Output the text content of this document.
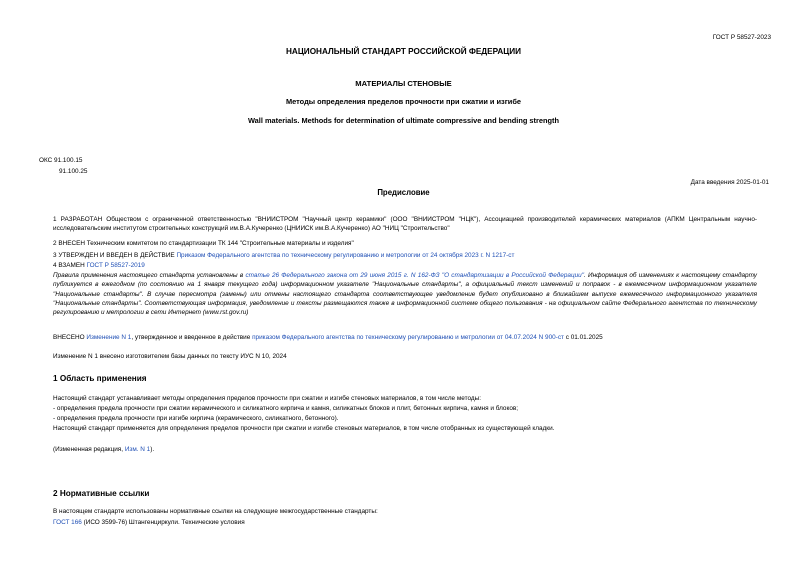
ГОСТ Р 58527-2023
НАЦИОНАЛЬНЫЙ СТАНДАРТ РОССИЙСКОЙ ФЕДЕРАЦИИ
МАТЕРИАЛЫ СТЕНОВЫЕ
Методы определения пределов прочности при сжатии и изгибе
Wall materials. Methods for determination of ultimate compressive and bending strength
ОКС 91.100.15
91.100.25
Дата введения 2025-01-01
Предисловие
1 РАЗРАБОТАН Обществом с ограниченной ответственностью "ВНИИСТРОМ "Научный центр керамики" (ООО "ВНИИСТРОМ "НЦК"), Ассоциацией производителей керамических материалов (АПКМ Центральным научно-исследовательским институтом строительных конструкций им.В.А.Кучеренко (ЦНИИСК им.В.А.Кучеренко) АО "НИЦ "Строительство"
2 ВНЕСЕН Техническим комитетом по стандартизации ТК 144 "Строительные материалы и изделия"
3 УТВЕРЖДЕН И ВВЕДЕН В ДЕЙСТВИЕ Приказом Федерального агентства по техническому регулированию и метрологии от 24 октября 2023 г. N 1217-ст
4 ВЗАМЕН ГОСТ Р 58527-2019
Правила применения настоящего стандарта установлены в статье 26 Федерального закона от 29 июня 2015 г. N 162-ФЗ "О стандартизации в Российской Федерации". Информация об изменениях к настоящему стандарту публикуется в ежегодном (по состоянию на 1 января текущего года) информационном указателе "Национальные стандарты", а официальный текст изменений и поправок - в ежемесячном информационном указателе "Национальные стандарты". В случае пересмотра (замены) или отмены настоящего стандарта соответствующее уведомление будет опубликовано в ближайшем выпуске ежемесячного информационного указателя "Национальные стандарты". Соответствующая информация, уведомление и тексты размещаются также в информационной системе общего пользования - на официальном сайте Федерального агентства по техническому регулированию и метрологии в сети Интернет (www.rst.gov.ru)
ВНЕСЕНО Изменение N 1, утвержденное и введенное в действие приказом Федерального агентства по техническому регулированию и метрологии от 04.07.2024 N 900-ст с 01.01.2025
Изменение N 1 внесено изготовителем базы данных по тексту ИУС N 10, 2024
1 Область применения
Настоящий стандарт устанавливает методы определения пределов прочности при сжатии и изгибе стеновых материалов, в том числе методы:
- определения предела прочности при сжатии керамического и силикатного кирпича и камня, силикатных блоков и плит, бетонных кирпича, камня и блоков;
- определения предела прочности при изгибе кирпича (керамического, силикатного, бетонного).
Настоящий стандарт применяется для определения пределов прочности при сжатии и изгибе стеновых материалов, в том числе отобранных из существующей кладки.
(Измененная редакция, Изм. N 1).
2 Нормативные ссылки
В настоящем стандарте использованы нормативные ссылки на следующие межгосударственные стандарты:
ГОСТ 166 (ИСО 3599-76) Штангенциркули. Технические условия
